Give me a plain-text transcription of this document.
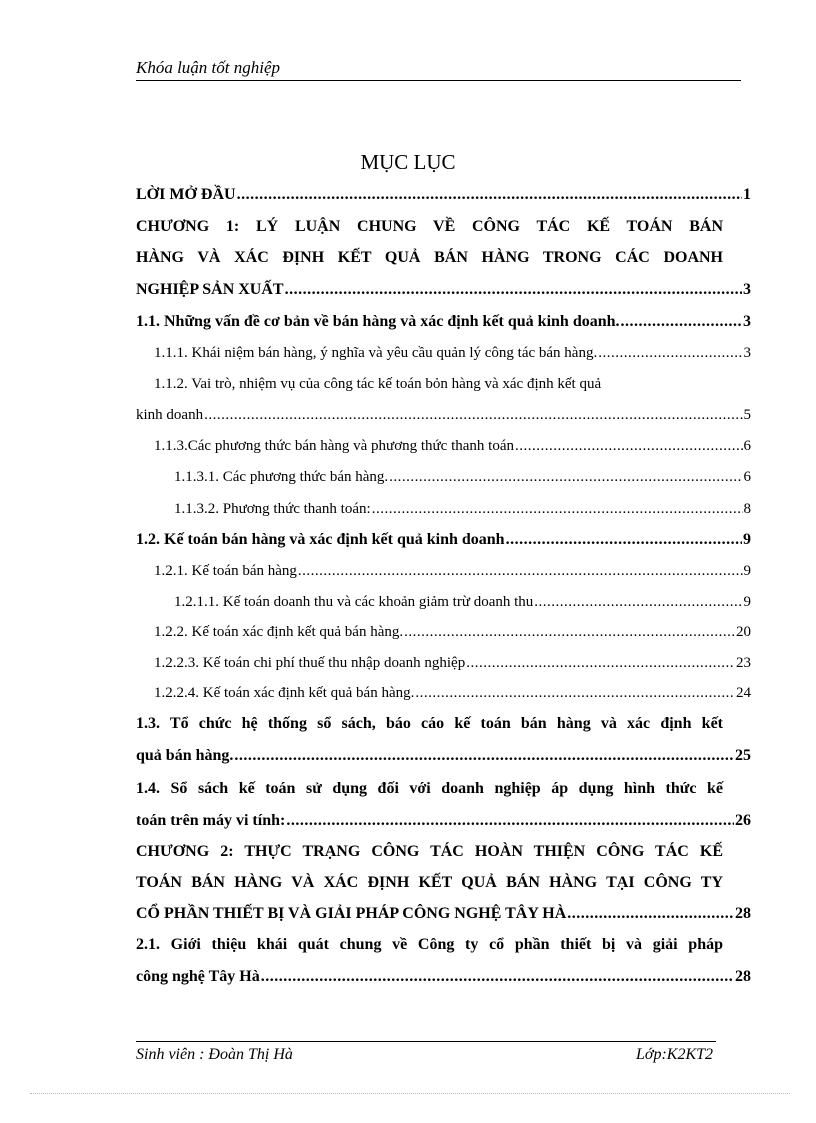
Khóa luận tốt nghiệp
MỤC LỤC
LỜI MỞ ĐẦU .....	1
CHƯƠNG 1: LÝ LUẬN CHUNG VỀ CÔNG TÁC KẾ TOÁN BÁN
HÀNG VÀ XÁC ĐỊNH KẾT QUẢ BÁN HÀNG TRONG CÁC DOANH
NGHIỆP SẢN XUẤT .....	3
1.1. Những vấn đề cơ bản về bán hàng và xác định kết quả kinh doanh. .....	3
1.1.1. Khái niệm bán hàng, ý nghĩa và yêu cầu quản lý công tác bán hàng. .....	3
1.1.2. Vai trò, nhiệm vụ của công tác kế toán bỏn hàng và xác định kết quả
kinh doanh .....	5
1.1.3.Các phương thức bán hàng và phương thức thanh toán .....	6
1.1.3.1. Các phương thức bán hàng. .....	6
1.1.3.2. Phương thức thanh toán: .....	8
1.2. Kế toán bán hàng và xác định kết quả kinh doanh .....	9
1.2.1. Kế toán bán hàng .....	9
1.2.1.1. Kế toán doanh thu và các khoản giảm trừ doanh thu .....	9
1.2.2. Kế toán xác định kết quả bán hàng. .....	20
1.2.2.3. Kế toán chi phí thuế thu nhập doanh nghiệp .....	23
1.2.2.4. Kế toán xác định kết quả bán hàng. .....	24
1.3. Tổ chức hệ thống sổ sách, báo cáo kế toán bán hàng và xác định kết
quả bán hàng. .....	25
1.4. Sổ sách kế toán sử dụng đối với doanh nghiệp áp dụng hình thức kế
toán trên máy vi tính: .....	26
CHƯƠNG 2: THỰC TRẠNG CÔNG TÁC HOÀN THIỆN CÔNG TÁC KẾ
TOÁN BÁN HÀNG VÀ XÁC ĐỊNH KẾT QUẢ BÁN HÀNG TẠI CÔNG TY
CỔ PHẦN THIẾT BỊ VÀ GIẢI PHÁP CÔNG NGHỆ TÂY HÀ .....	28
2.1. Giới thiệu khái quát chung về Công ty cổ phần thiết bị và giải pháp
công nghệ Tây Hà .....	28
Sinh viên : Đoàn Thị Hà	Lớp:K2KT2
